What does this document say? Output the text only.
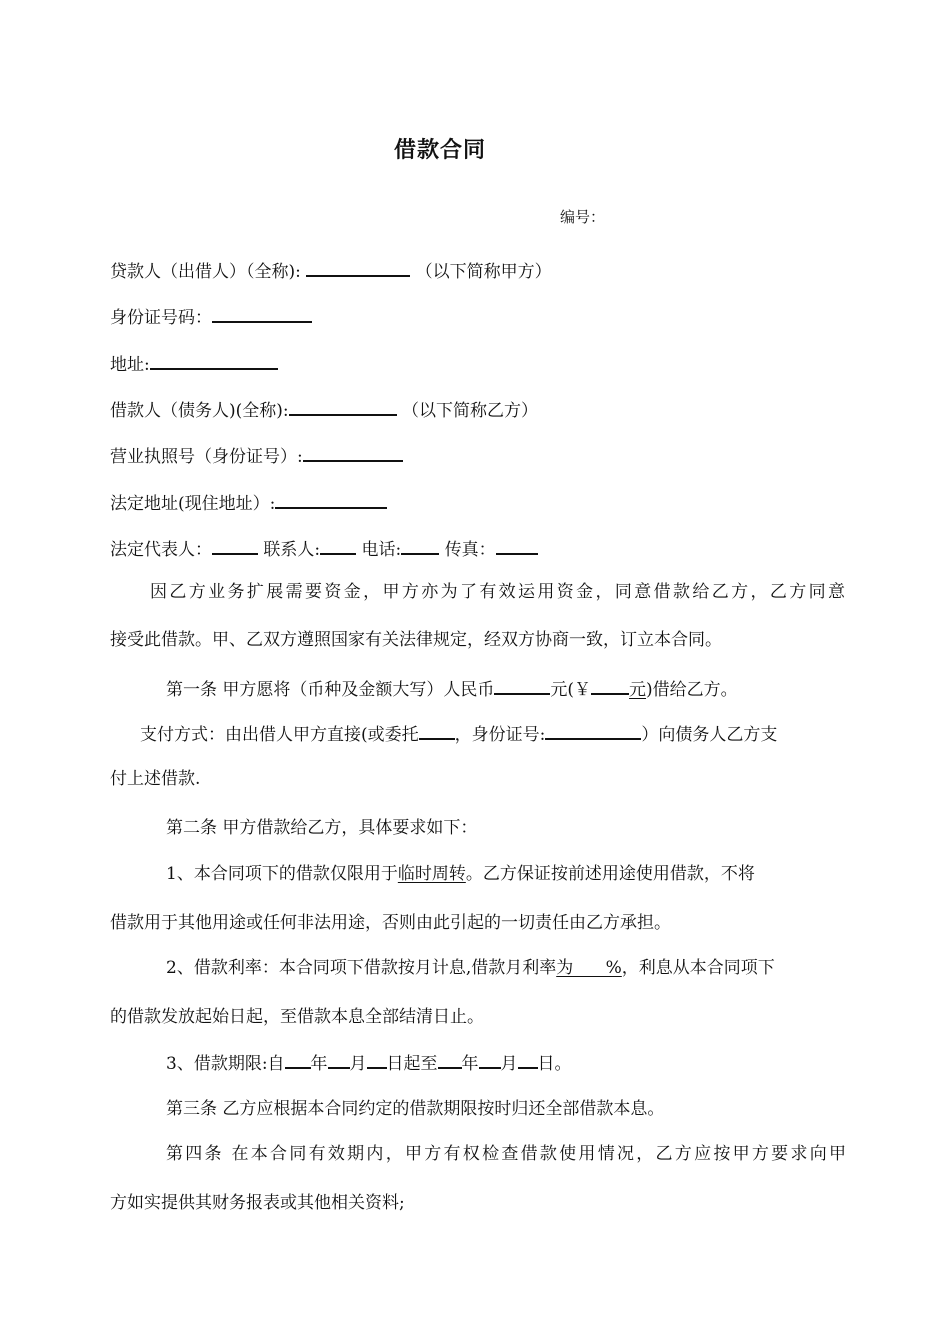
借款合同
编号：
贷款人（出借人）（全称):	（以下简称甲方）
身份证号码：
地址:
借款人（债务人)(全称):	（以下简称乙方）
营业执照号（身份证号）:
法定地址(现住地址）:
法定代表人：	联系人: 电话:	传真：
因乙方业务扩展需要资金，甲方亦为了有效运用资金，同意借款给乙方，乙方同意
接受此借款。甲、乙双方遵照国家有关法律规定，经双方协商一致，订立本合同。
第一条 甲方愿将（币种及金额大写）人民币	元(￥ 元)借给乙方。
支付方式：由出借人甲方直接(或委托 ，身份证号:	）向债务人乙方支
付上述借款.
第二条 甲方借款给乙方，具体要求如下：
1、本合同项下的借款仅限用于临时周转。乙方保证按前述用途使用借款，不将
借款用于其他用途或任何非法用途，否则由此引起的一切责任由乙方承担。
2、借款利率：本合同项下借款按月计息,借款月利率为      %，利息从本合同项下
的借款发放起始日起，至借款本息全部结清日止。
3、借款期限:自 年 月 日起至 年 月 日。
第三条 乙方应根据本合同约定的借款期限按时归还全部借款本息。
第四条 在本合同有效期内，甲方有权检查借款使用情况，乙方应按甲方要求向甲
方如实提供其财务报表或其他相关资料;
